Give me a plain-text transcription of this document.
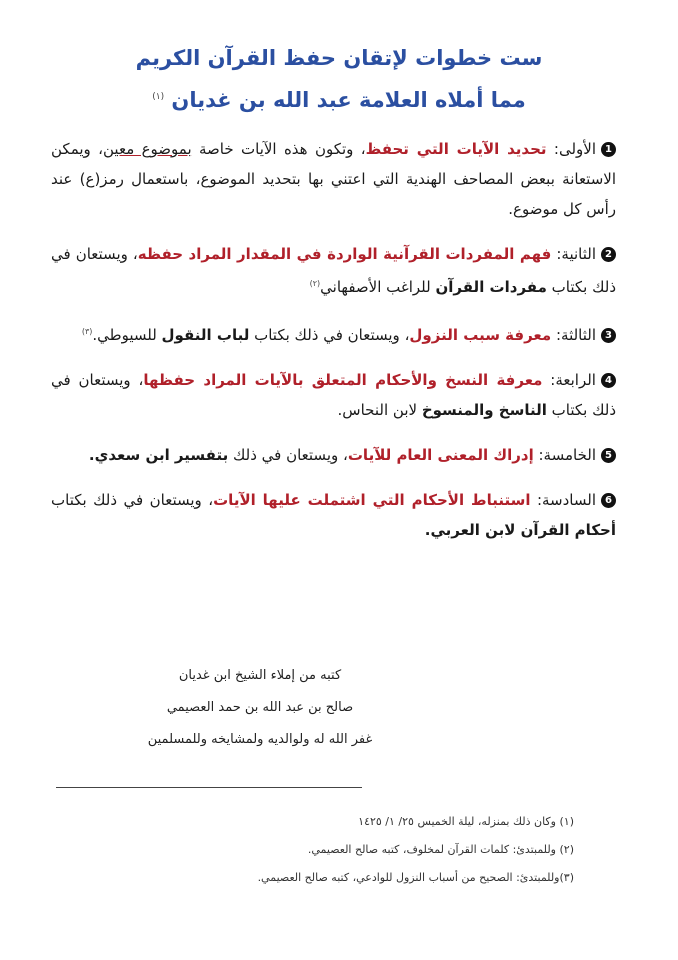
ست خطوات لإتقان حفظ القرآن الكريم
مما أملاه العلامة عبد الله بن غديان $^{(١)}$

1الأولى: تحديد الآيات التي تحفظ، وتكون هذه الآيات خاصة بموضوع معين، ويمكن الاستعانة ببعض المصاحف الهندية التي اعتني بها بتحديد الموضوع، باستعمال رمز(ع) عند رأس كل موضوع.

2الثانية: فهم المفردات القرآنية الواردة في المقدار المراد حفظه، ويستعان في ذلك بكتاب مفردات القرآن للراغب الأصفهاني$^{(٢)}$

3الثالثة: معرفة سبب النزول، ويستعان في ذلك بكتاب لباب النقول للسيوطي.$^{(٣)}$

4الرابعة: معرفة النسخ والأحكام المتعلق بالآيات المراد حفظها، ويستعان في ذلك بكتاب الناسخ والمنسوخ لابن النحاس.

5الخامسة: إدراك المعنى العام للآيات، ويستعان في ذلك بتفسير ابن سعدي.

6السادسة: استنباط الأحكام التي اشتملت عليها الآيات، ويستعان في ذلك بكتاب أحكام القرآن لابن العربي.

كتبه من إملاء الشيخ ابن غديان
صالح بن عبد الله بن حمد العصيمي
غفر الله له ولوالديه ولمشايخه وللمسلمين
(١) وكان ذلك بمنزله، ليلة الخميس ٢٥/ ١/ ١٤٢٥
(٢) وللمبتدئ: كلمات القرآن لمخلوف، كتبه صالح العصيمي.
(٣)وللمبتدئ: الصحيح من أسباب النزول للوادعي، كتبه صالح العصيمي.
